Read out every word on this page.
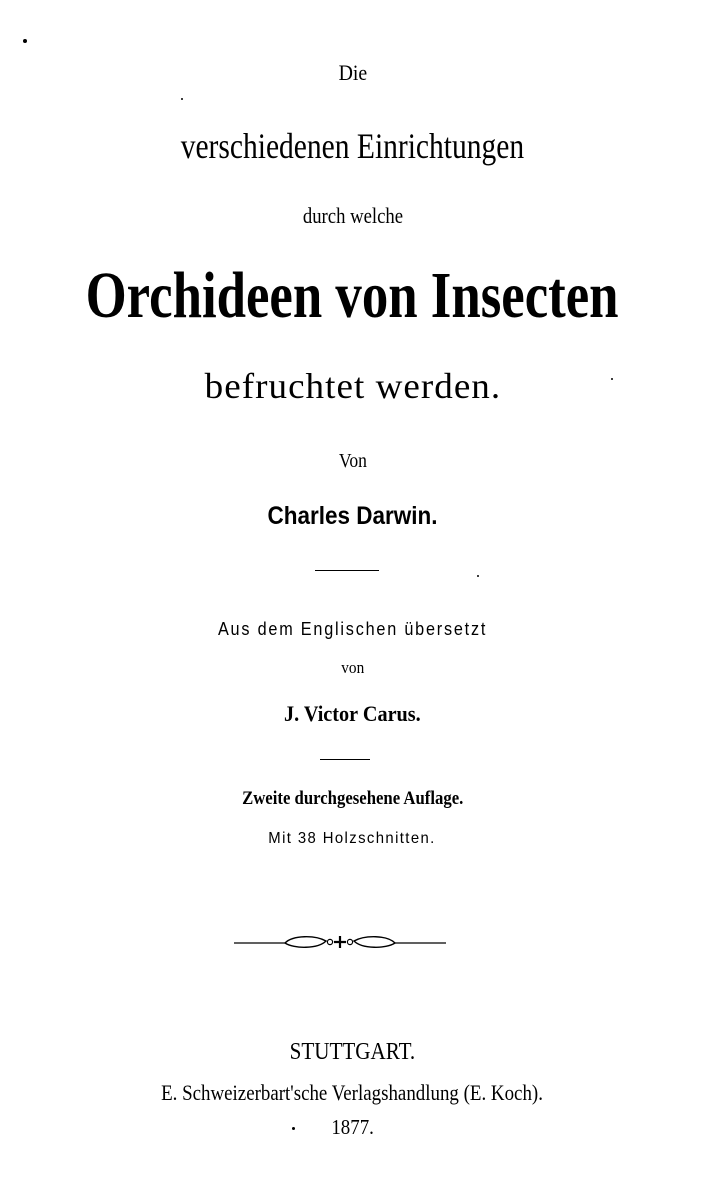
Die
verschiedenen Einrichtungen
durch welche
Orchideen von Insecten
befruchtet werden.
Von
Charles Darwin.
Aus dem Englischen übersetzt
von
J. Victor Carus.
Zweite durchgesehene Auflage.
Mit 38 Holzschnitten.
STUTTGART.
E. Schweizerbart'sche Verlagshandlung (E. Koch).
1877.
